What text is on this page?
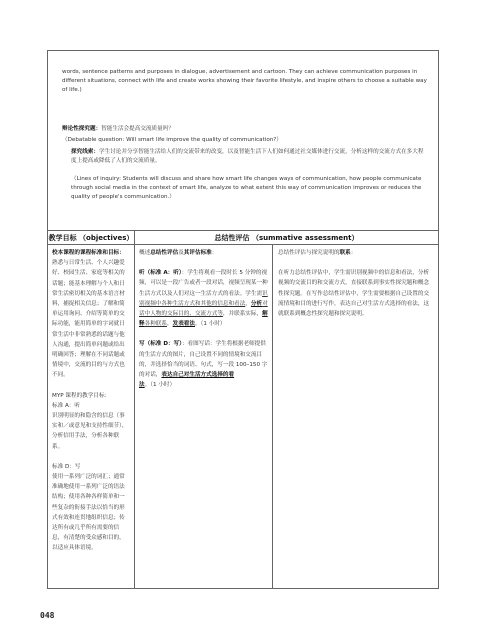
words, sentence patterns and purposes in dialogue, advertisement and cartoon. They can achieve communication purposes in different situations, connect with life and create works showing their favorite lifestyle, and inspire others to choose a suitable way of life.)

辩论性探究题：智能生活会提高交流质量吗？

（Debatable question: Will smart life improve the quality of communication?）

探究线索：学生讨论并分享智能生活给人们的交流带来的改变，以及智能生活下人们如何通过社交媒体进行交流，分析这样的交流方式在多大程度上提高或降低了人们的交流质量。

（Lines of inquiry: Students will discuss and share how smart life changes ways of communication, how people communicate through social media in the context of smart life, analyze to what extent this way of communication improves or reduces the quality of people's communication.）

教学目标 （objectives）	总结性评估 （summative assessment）

校本课程的课程标准和目标：

熟悉与日常生活、个人兴趣爱好、校园生活、家庭等相关的话题；能基本理解与个人和日常生活密切相关的基本语言材料，捕捉相关信息；了解和简单运用询问、介绍等简单的交际功能，能用简单的字词就日常生活中非常熟悉的话题与他人沟通，提出简单问题或给出明确回答；理解在不同话题或情境中，交流的目的与方式也不同。

MYP 课程的教学目标：

标准 A：听

识别明显的和隐含的信息（事实和／或意见和支持性细节），分析信用手法，分析各种联系。

标准 D：写

使用一系列广泛的词汇；通常准确地使用一系列广泛的语法结构；使用各种各样简单和一些复杂的衔接手法以恰当的形式有效和连贯地组织信息；传达所有或几乎所有需要的信息，有清楚的受众感和目的，以适应具体语境。

概述总结性评估及其评估标准：

听（标准 A：听）：学生将观看一段时长 5 分钟的视频，可以是一段广告或者一段对话，视频呈现某一种生活方式以及人们对这一生活方式的看法。学生需识别视频中各种生活方式和其他的信息和看法，分析对话中人物的交际目的、交流方式等，并联系实际，解释各种联系，发表看法。（1 小时）

写（标准 D：写）：看图写话：学生将根据老师提供的生活方式的图片，自己设置不同的情境和交流目的，并选择恰当的词语、句式，写一段 100–150 字的对话，表达自己对生活方式选择的看法。（1 小时）

总结性评估与探究说明的联系：

在听力总结性评估中，学生需识别视频中的信息和看法，分析视频的交流目的和交流方式，直接联系到事实性探究题和概念性探究题。在写作总结性评估中，学生需要根据自己设置的交流情境和目的进行写作，表达自己对生活方式选择的看法，这就联系到概念性探究题和探究说明。

048
